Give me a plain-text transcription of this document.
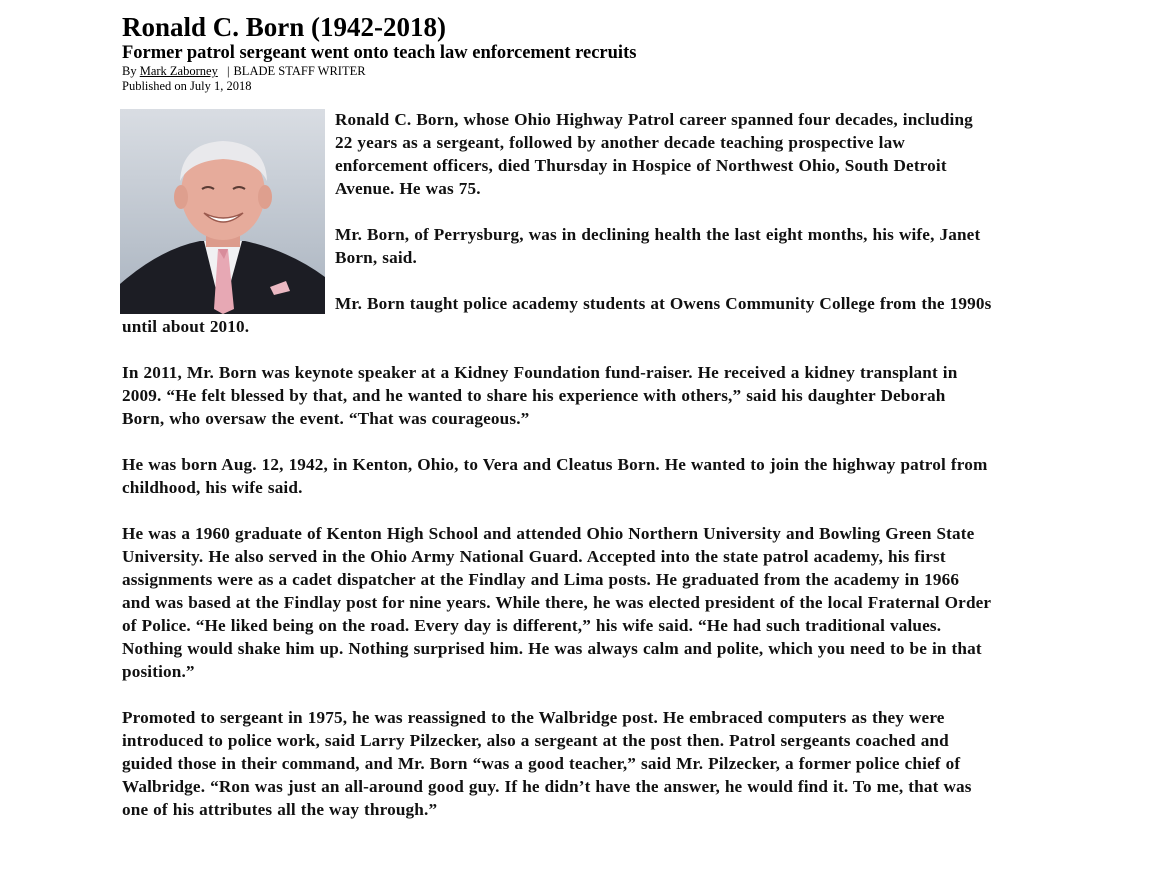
Ronald C. Born (1942-2018)
Former patrol sergeant went onto teach law enforcement recruits
By Mark Zaborney | BLADE STAFF WRITER
Published on July 1, 2018

Ronald C. Born, whose Ohio Highway Patrol career spanned four decades, including 22 years as a sergeant, followed by another decade teaching prospective law enforcement officers, died Thursday in Hospice of Northwest Ohio, South Detroit Avenue. He was 75.

Mr. Born, of Perrysburg, was in declining health the last eight months, his wife, Janet Born, said.

Mr. Born taught police academy students at Owens Community College from the 1990s until about 2010.

In 2011, Mr. Born was keynote speaker at a Kidney Foundation fund-raiser. He received a kidney transplant in 2009. “He felt blessed by that, and he wanted to share his experience with others,” said his daughter Deborah Born, who oversaw the event. “That was courageous.”

He was born Aug. 12, 1942, in Kenton, Ohio, to Vera and Cleatus Born. He wanted to join the highway patrol from childhood, his wife said.

He was a 1960 graduate of Kenton High School and attended Ohio Northern University and Bowling Green State University. He also served in the Ohio Army National Guard. Accepted into the state patrol academy, his first assignments were as a cadet dispatcher at the Findlay and Lima posts. He graduated from the academy in 1966 and was based at the Findlay post for nine years. While there, he was elected president of the local Fraternal Order of Police. “He liked being on the road. Every day is different,” his wife said. “He had such traditional values. Nothing would shake him up. Nothing surprised him. He was always calm and polite, which you need to be in that position.”

Promoted to sergeant in 1975, he was reassigned to the Walbridge post. He embraced computers as they were introduced to police work, said Larry Pilzecker, also a sergeant at the post then. Patrol sergeants coached and guided those in their command, and Mr. Born “was a good teacher,” said Mr. Pilzecker, a former police chief of Walbridge. “Ron was just an all-around good guy. If he didn’t have the answer, he would find it. To me, that was one of his attributes all the way through.”
